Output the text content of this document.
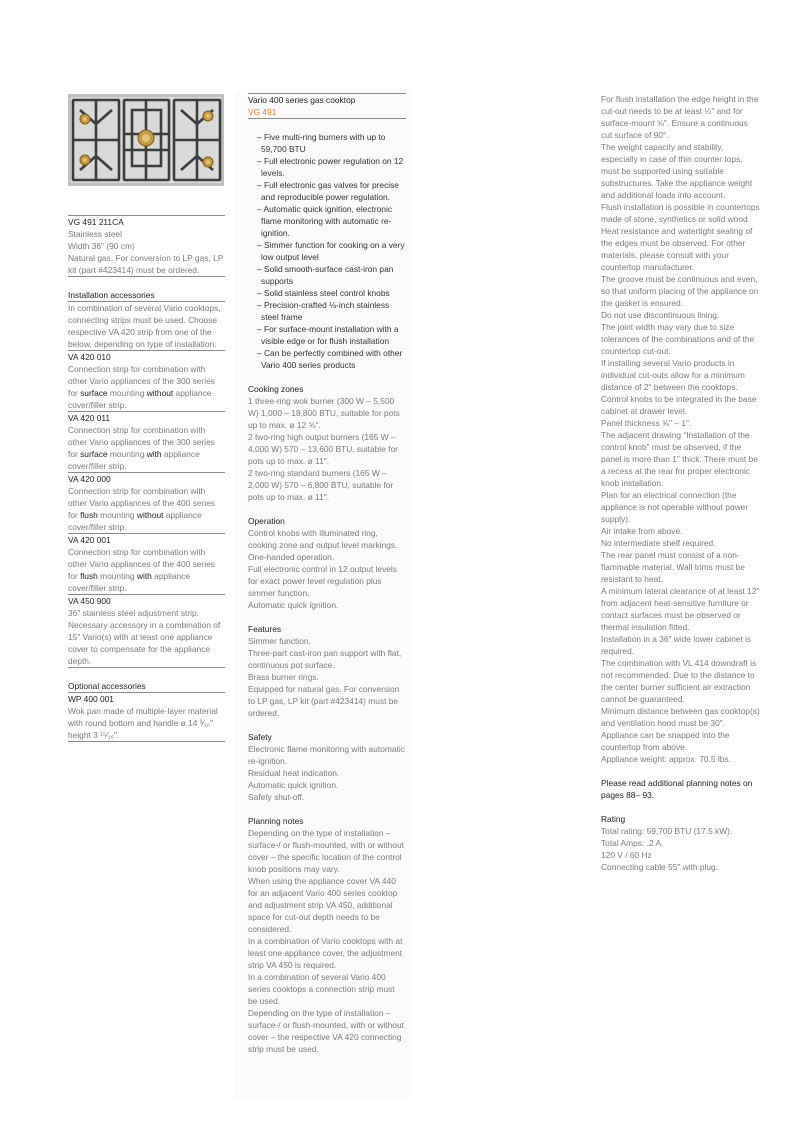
VG 491 211CA
Stainless steel
Width 36" (90 cm)
Natural gas. For conversion to LP gas, LP kit (part #423414) must be ordered.
Installation accessories
In combination of several Vario cooktops, connecting strips must be used. Choose respective VA 420 strip from one of the below, depending on type of installation.
VA 420 010
Connection strip for combination with other Vario appliances of the 300 series for surface mounting without appliance cover/filler strip.
VA 420 011
Connection strip for combination with other Vario appliances of the 300 series for surface mounting with appliance cover/filler strip.
VA 420 000
Connection strip for combination with other Vario appliances of the 400 series for flush mounting without appliance cover/filler strip.
VA 420 001
Connection strip for combination with other Vario appliances of the 400 series for flush mounting with appliance cover/filler strip.
VA 450 900
36" stainless steel adjustment strip. Necessary accessory in a combination of 15" Vario(s) with at least one appliance cover to compensate for the appliance depth.
Optional accessories
WP 400 001
Wok pan made of multiple-layer material with round bottom and handle ø 14 ³⁄₁₆" height 3 ¹⁵⁄₁₆".
Vario 400 series gas cooktop
VG 491
– Five multi-ring burners with up to 59,700 BTU
– Full electronic power regulation on 12 levels.
– Full electronic gas valves for precise and reproducible power regulation.
– Automatic quick ignition, electronic flame monitoring with automatic re-ignition.
– Simmer function for cooking on a very low output level
– Solid smooth-surface cast-iron pan supports
– Solid stainless steel control knobs
– Precision-crafted ⅛-inch stainless steel frame
– For surface-mount installation with a visible edge or for flush installation
– Can be perfectly combined with other Vario 400 series products
Cooking zones

1 three-ring wok burner (300 W – 5,500 W) 1,000 – 18,800 BTU, suitable for pots up to max. ø 12 ⅝".

2 two-ring high output burners (165 W – 4,000 W) 570 – 13,600 BTU, suitable for pots up to max. ø 11".

2 two-ring standard burners (165 W – 2,000 W) 570 – 6,800 BTU, suitable for pots up to max. ø 11".

Operation

Control knobs with illuminated ring, cooking zone and output level markings.

One-handed operation.

Full electronic control in 12 output levels for exact power level regulation plus simmer function.

Automatic quick ignition.

Features

Simmer function.

Three-part cast-iron pan support with flat, continuous pot surface.

Brass burner rings.

Equipped for natural gas. For conversion to LP gas, LP kit (part #423414) must be ordered.

Safety

Electronic flame monitoring with automatic re-ignition.

Residual heat indication.

Automatic quick ignition.

Safety shut-off.

Planning notes

Depending on the type of installation – surface-/ or flush-mounted, with or without cover – the specific location of the control knob positions may vary.

When using the appliance cover VA 440 for an adjacent Vario 400 series cooktop and adjustment strip VA 450, additional space for cut-out depth needs to be considered.

In a combination of Vario cooktops with at least one appliance cover, the adjustment strip VA 450 is required.

In a combination of several Vario 400 series cooktops a connection strip must be used.

Depending on the type of installation – surface-/ or flush-mounted, with or without cover – the respective VA 420 connecting strip must be used.

For flush installation the edge height in the cut-out needs to be at least ½" and for surface-mount ⅝". Ensure a continuous cut surface of 90°.

The weight capacity and stability, especially in case of thin counter tops, must be supported using suitable substructures. Take the appliance weight and additional loads into account.

Flush installation is possible in countertops made of stone, synthetics or solid wood. Heat resistance and watertight sealing of the edges must be observed. For other materials, please consult with your countertop manufacturer.

The groove must be continuous and even, so that uniform placing of the appliance on the gasket is ensured.

Do not use discontinuous lining.

The joint width may vary due to size tolerances of the combinations and of the countertop cut-out.

If installing several Vario products in individual cut-outs allow for a minimum distance of 2" between the cooktops.

Control knobs to be integrated in the base cabinet at drawer level.

Panel thickness ⅝" – 1".

The adjacent drawing “Installation of the control knob” must be observed, if the panel is more than 1" thick. There must be a recess at the rear for proper electronic knob installation.

Plan for an electrical connection (the appliance is not operable without power supply).

Air intake from above.

No intermediate shelf required.

The rear panel must consist of a non-flammable material. Wall trims must be resistant to heat.

A minimum lateral clearance of at least 12" from adjacent heat-sensitive furniture or contact surfaces must be observed or thermal insulation fitted.

Installation in a 36" wide lower cabinet is required.

The combination with VL 414 downdraft is not recommended. Due to the distance to the center burner sufficient air extraction cannot be guaranteed.

Minimum distance between gas cooktop(s) and ventilation hood must be 30".

Appliance can be snapped into the countertop from above.

Appliance weight: approx. 70.5 lbs.

Please read additional planning notes on pages 88– 93.
Rating
Total rating: 59,700 BTU (17.5 kW).
Total Amps: .2 A.
120 V / 60 Hz
Connecting cable 55" with plug.
